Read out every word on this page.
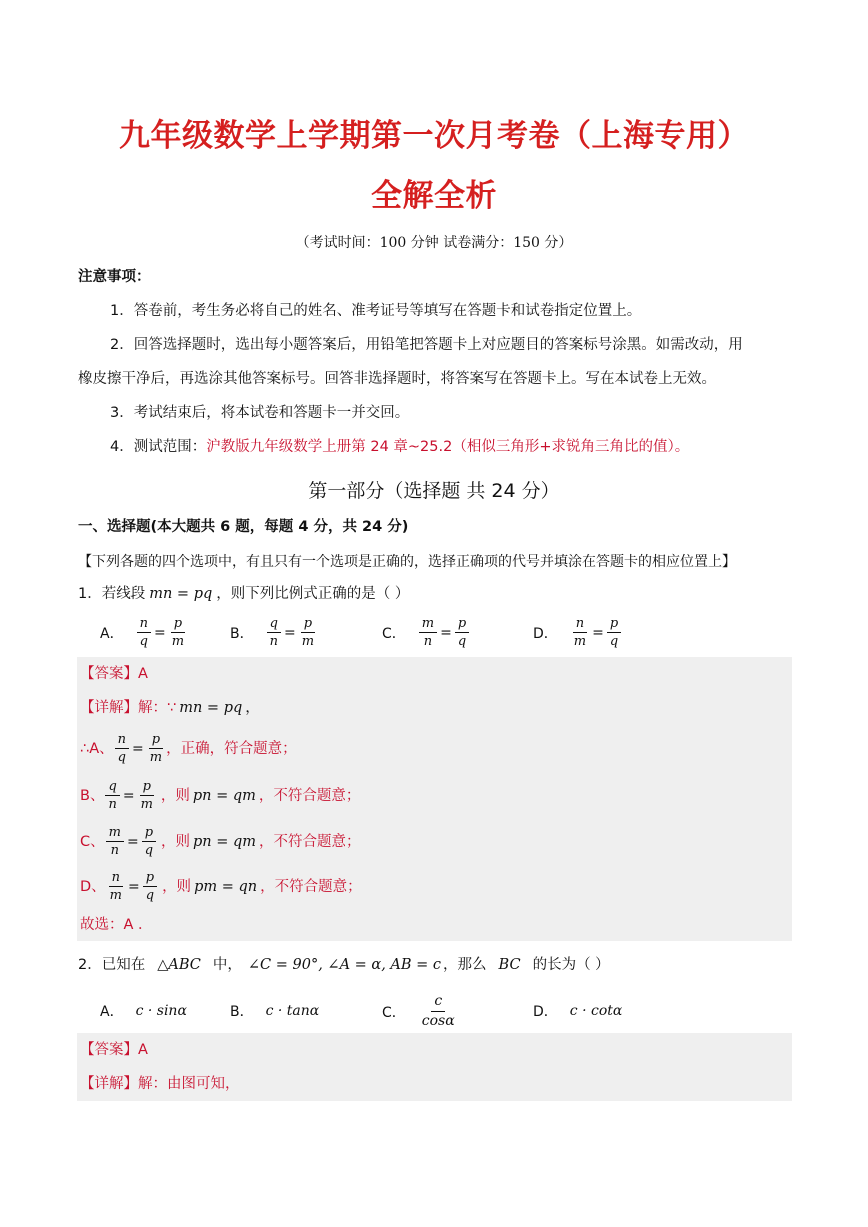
九年级数学上学期第一次月考卷（上海专用）
全解全析
（考试时间：100 分钟 试卷满分：150 分）
注意事项：
1．答卷前，考生务必将自己的姓名、准考证号等填写在答题卡和试卷指定位置上。
2．回答选择题时，选出每小题答案后，用铅笔把答题卡上对应题目的答案标号涂黑。如需改动，用
橡皮擦干净后，再选涂其他答案标号。回答非选择题时，将答案写在答题卡上。写在本试卷上无效。
3．考试结束后，将本试卷和答题卡一并交回。
4．测试范围：沪教版九年级数学上册第 24 章~25.2（相似三角形+求锐角三角比的值）。
第一部分（选择题 共 24 分）
一、选择题(本大题共 6 题，每题 4 分，共 24 分)
【下列各题的四个选项中，有且只有一个选项是正确的，选择正确项的代号并填涂在答题卡的相应位置上】
1．若线段 mn = pq ，则下列比例式正确的是（ ）
A． $\frac{n}{q} = \frac{p}{m}$	B． $\frac{q}{n} = \frac{p}{m}$	C． $\frac{m}{n} = \frac{p}{q}$	D． $\frac{n}{m} = \frac{p}{q}$
【答案】 A
【详解】 解：∵ mn = pq ，
∴A、 $\frac{n}{q} = \frac{p}{m}$ ，正确，符合题意；
B、 $\frac{q}{n} = \frac{p}{m}$ ，则 pn = qm ，不符合题意；
C、 $\frac{m}{n} = \frac{p}{q}$ ，则 pn = qm ，不符合题意；
D、 $\frac{n}{m} = \frac{p}{q}$ ，则 pm = qn ，不符合题意；
故选：A ．
2．已知在 △ABC 中， ∠C = 90°, ∠A = α, AB = c ，那么 BC 的长为（ ）
A． c · sinα	B． c · tanα	C． $\frac{c}{\cos\alpha}$	D． c · cotα
【答案】 A
【详解】 解：由图可知，
